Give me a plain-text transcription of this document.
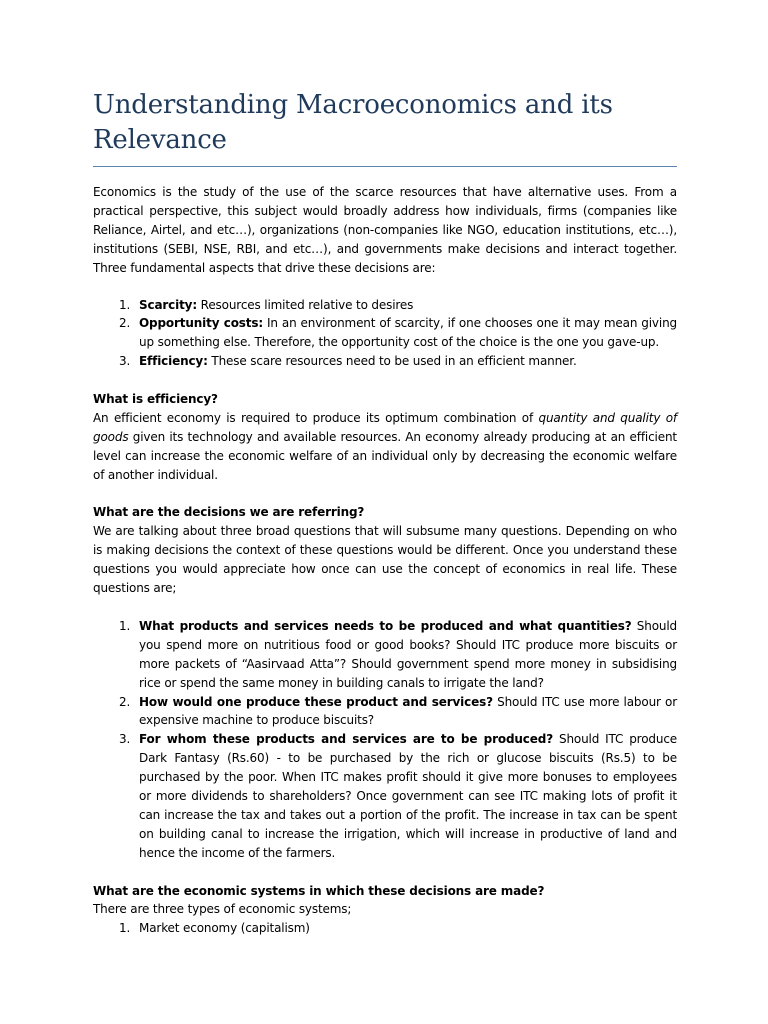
Understanding Macroeconomics and its Relevance

Economics is the study of the use of the scarce resources that have alternative uses. From a practical perspective, this subject would broadly address how individuals, firms (companies like Reliance, Airtel, and etc…), organizations (non-companies like NGO, education institutions, etc…), institutions (SEBI, NSE, RBI, and etc…), and governments make decisions and interact together. Three fundamental aspects that drive these decisions are:

1. Scarcity: Resources limited relative to desires
2. Opportunity costs: In an environment of scarcity, if one chooses one it may mean giving up something else. Therefore, the opportunity cost of the choice is the one you gave-up.
3. Efficiency: These scare resources need to be used in an efficient manner.

What is efficiency?

An efficient economy is required to produce its optimum combination of quantity and quality of goods given its technology and available resources. An economy already producing at an efficient level can increase the economic welfare of an individual only by decreasing the economic welfare of another individual.

What are the decisions we are referring?

We are talking about three broad questions that will subsume many questions. Depending on who is making decisions the context of these questions would be different. Once you understand these questions you would appreciate how once can use the concept of economics in real life. These questions are;

1. What products and services needs to be produced and what quantities? Should you spend more on nutritious food or good books? Should ITC produce more biscuits or more packets of “Aasirvaad Atta”? Should government spend more money in subsidising rice or spend the same money in building canals to irrigate the land?
2. How would one produce these product and services? Should ITC use more labour or expensive machine to produce biscuits?
3. For whom these products and services are to be produced? Should ITC produce Dark Fantasy (Rs.60) - to be purchased by the rich or glucose biscuits (Rs.5) to be purchased by the poor. When ITC makes profit should it give more bonuses to employees or more dividends to shareholders? Once government can see ITC making lots of profit it can increase the tax and takes out a portion of the profit. The increase in tax can be spent on building canal to increase the irrigation, which will increase in productive of land and hence the income of the farmers.

What are the economic systems in which these decisions are made?

There are three types of economic systems;

1. Market economy (capitalism)
